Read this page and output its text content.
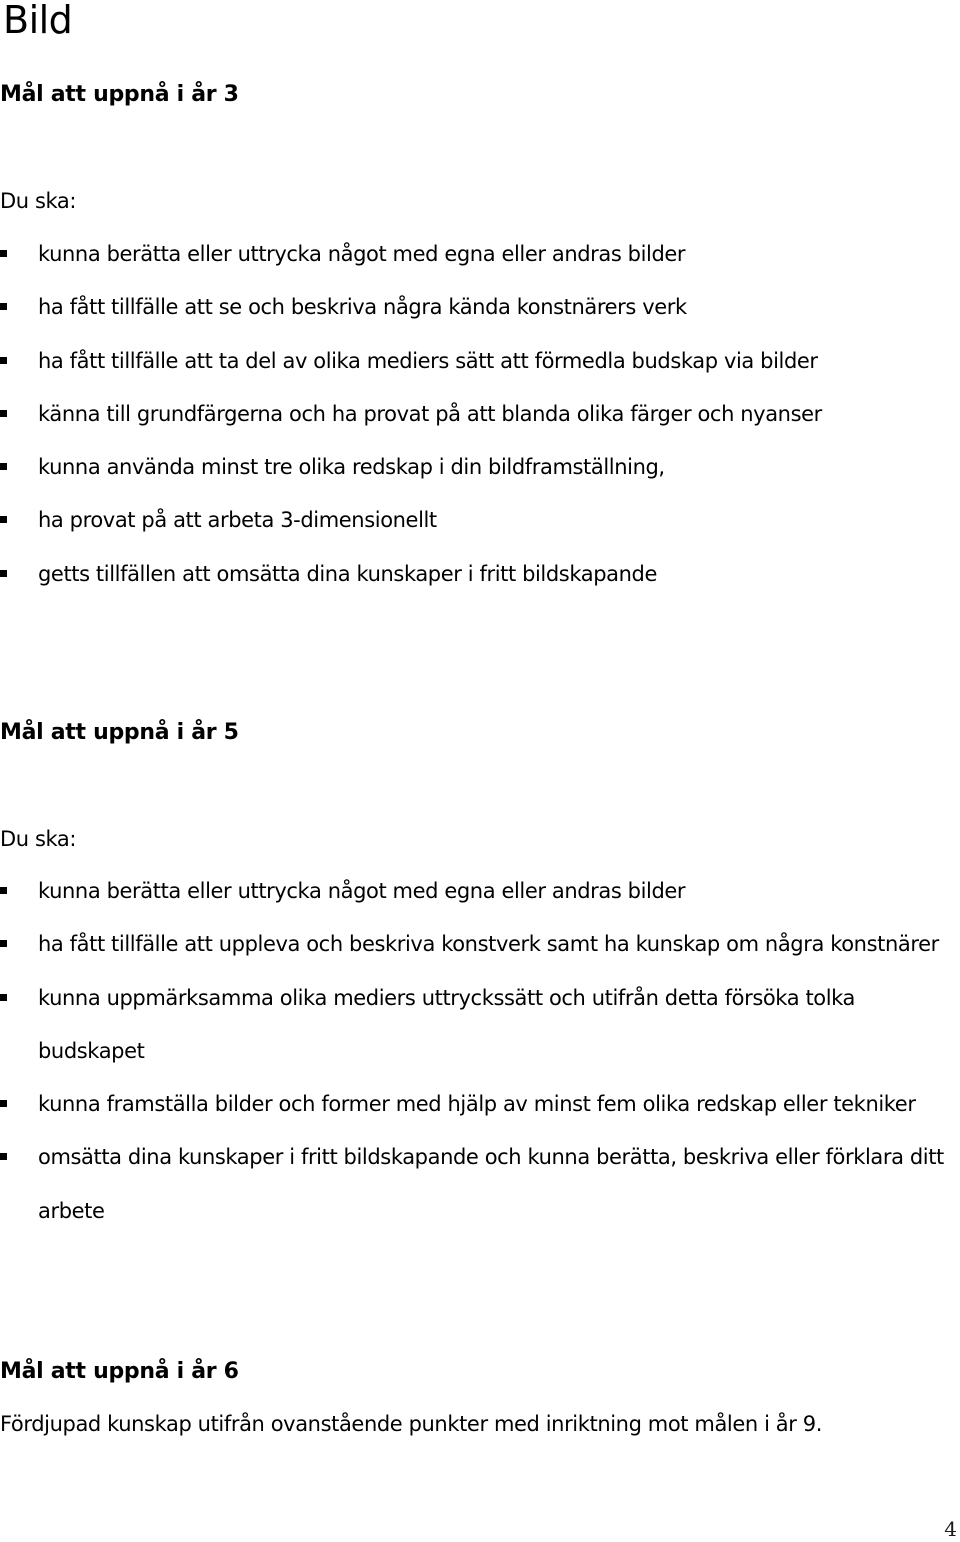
Bild
Mål att uppnå i år 3

Du ska:

kunna berätta eller uttrycka något med egna eller andras bilder
ha fått tillfälle att se och beskriva några kända konstnärers verk
ha fått tillfälle att ta del av olika mediers sätt att förmedla budskap via bilder
känna till grundfärgerna och ha provat på att blanda olika färger och nyanser
kunna använda minst tre olika redskap i din bildframställning,
ha provat på att arbeta 3-dimensionellt
getts tillfällen att omsätta dina kunskaper i fritt bildskapande
Mål att uppnå i år 5

Du ska:

kunna berätta eller uttrycka något med egna eller andras bilder
ha fått tillfälle att uppleva och beskriva konstverk samt ha kunskap om några konstnärer
kunna uppmärksamma olika mediers uttryckssätt och utifrån detta försöka tolka budskapet
kunna framställa bilder och former med hjälp av minst fem olika redskap eller tekniker
omsätta dina kunskaper i fritt bildskapande och kunna berätta, beskriva eller förklara ditt arbete
Mål att uppnå i år 6

Fördjupad kunskap utifrån ovanstående punkter med inriktning mot målen i år 9.

4
